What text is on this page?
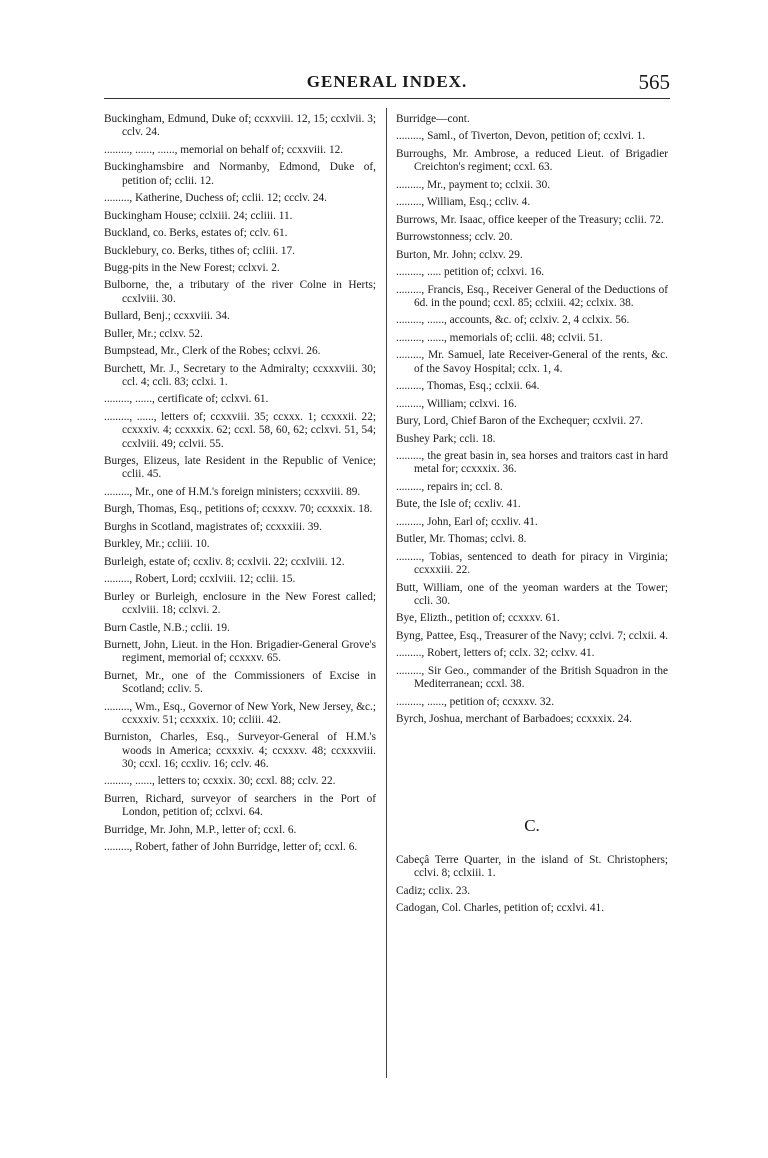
GENERAL INDEX.	565

Buckingham, Edmund, Duke of; ccxxviii. 12, 15; ccxlvii. 3; cclv. 24.

........., ......, ......, memorial on behalf of; ccxxviii. 12.

Buckinghamsbire and Normanby, Edmond, Duke of, petition of; cclii. 12.

........., Katherine, Duchess of; cclii. 12; ccclv. 24.

Buckingham House; cclxiii. 24; ccliii. 11.

Buckland, co. Berks, estates of; cclv. 61.

Bucklebury, co. Berks, tithes of; ccliii. 17.

Bugg-pits in the New Forest; cclxvi. 2.

Bulborne, the, a tributary of the river Colne in Herts; ccxlviii. 30.

Bullard, Benj.; ccxxviii. 34.

Buller, Mr.; cclxv. 52.

Bumpstead, Mr., Clerk of the Robes; cclxvi. 26.

Burchett, Mr. J., Secretary to the Admiralty; ccxxxviii. 30; ccl. 4; ccli. 83; cclxi. 1.

........., ......, certificate of; cclxvi. 61.

........., ......, letters of; ccxxviii. 35; ccxxx. 1; ccxxxii. 22; ccxxxiv. 4; ccxxxix. 62; ccxl. 58, 60, 62; cclxvi. 51, 54; ccxlviii. 49; cclvii. 55.

Burges, Elizeus, late Resident in the Republic of Venice; cclii. 45.

........., Mr., one of H.M.'s foreign ministers; ccxxviii. 89.

Burgh, Thomas, Esq., petitions of; ccxxxv. 70; ccxxxix. 18.

Burghs in Scotland, magistrates of; ccxxxiii. 39.

Burkley, Mr.; ccliii. 10.

Burleigh, estate of; ccxliv. 8; ccxlvii. 22; ccxlviii. 12.

........., Robert, Lord; ccxlviii. 12; cclii. 15.

Burley or Burleigh, enclosure in the New Forest called; ccxlviii. 18; cclxvi. 2.

Burn Castle, N.B.; cclii. 19.

Burnett, John, Lieut. in the Hon. Brigadier-General Grove's regiment, memorial of; ccxxxv. 65.

Burnet, Mr., one of the Commissioners of Excise in Scotland; ccliv. 5.

........., Wm., Esq., Governor of New York, New Jersey, &c.; ccxxxiv. 51; ccxxxix. 10; ccliii. 42.

Burniston, Charles, Esq., Surveyor-General of H.M.'s woods in America; ccxxxiv. 4; ccxxxv. 48; ccxxxviii. 30; ccxl. 16; ccxliv. 16; cclv. 46.

........., ......, letters to; ccxxix. 30; ccxl. 88; cclv. 22.

Burren, Richard, surveyor of searchers in the Port of London, petition of; cclxvi. 64.

Burridge, Mr. John, M.P., letter of; ccxl. 6.

........., Robert, father of John Burridge, letter of; ccxl. 6.

Burridge—cont.

........., Saml., of Tiverton, Devon, petition of; ccxlvi. 1.

Burroughs, Mr. Ambrose, a reduced Lieut. of Brigadier Creichton's regiment; ccxl. 63.

........., Mr., payment to; cclxii. 30.

........., William, Esq.; ccliv. 4.

Burrows, Mr. Isaac, office keeper of the Treasury; cclii. 72.

Burrowstonness; cclv. 20.

Burton, Mr. John; cclxv. 29.

........., ..... petition of; cclxvi. 16.

........., Francis, Esq., Receiver General of the Deductions of 6d. in the pound; ccxl. 85; cclxiii. 42; cclxix. 38.

........., ......, accounts, &c. of; cclxiv. 2, 4 cclxix. 56.

........., ......, memorials of; cclii. 48; cclvii. 51.

........., Mr. Samuel, late Receiver-General of the rents, &c. of the Savoy Hospital; cclx. 1, 4.

........., Thomas, Esq.; cclxii. 64.

........., William; cclxvi. 16.

Bury, Lord, Chief Baron of the Exchequer; ccxlvii. 27.

Bushey Park; ccli. 18.

........., the great basin in, sea horses and traitors cast in hard metal for; ccxxxix. 36.

........., repairs in; ccl. 8.

Bute, the Isle of; ccxliv. 41.

........., John, Earl of; ccxliv. 41.

Butler, Mr. Thomas; cclvi. 8.

........., Tobias, sentenced to death for piracy in Virginia; ccxxxiii. 22.

Butt, William, one of the yeoman warders at the Tower; ccli. 30.

Bye, Elizth., petition of; ccxxxv. 61.

Byng, Pattee, Esq., Treasurer of the Navy; cclvi. 7; cclxii. 4.

........., Robert, letters of; cclx. 32; cclxv. 41.

........., Sir Geo., commander of the British Squadron in the Mediterranean; ccxl. 38.

........., ......, petition of; ccxxxv. 32.

Byrch, Joshua, merchant of Barbadoes; ccxxxix. 24.

C.

Cabeçâ Terre Quarter, in the island of St. Christophers; cclvi. 8; cclxiii. 1.

Cadiz; cclix. 23.

Cadogan, Col. Charles, petition of; ccxlvi. 41.
